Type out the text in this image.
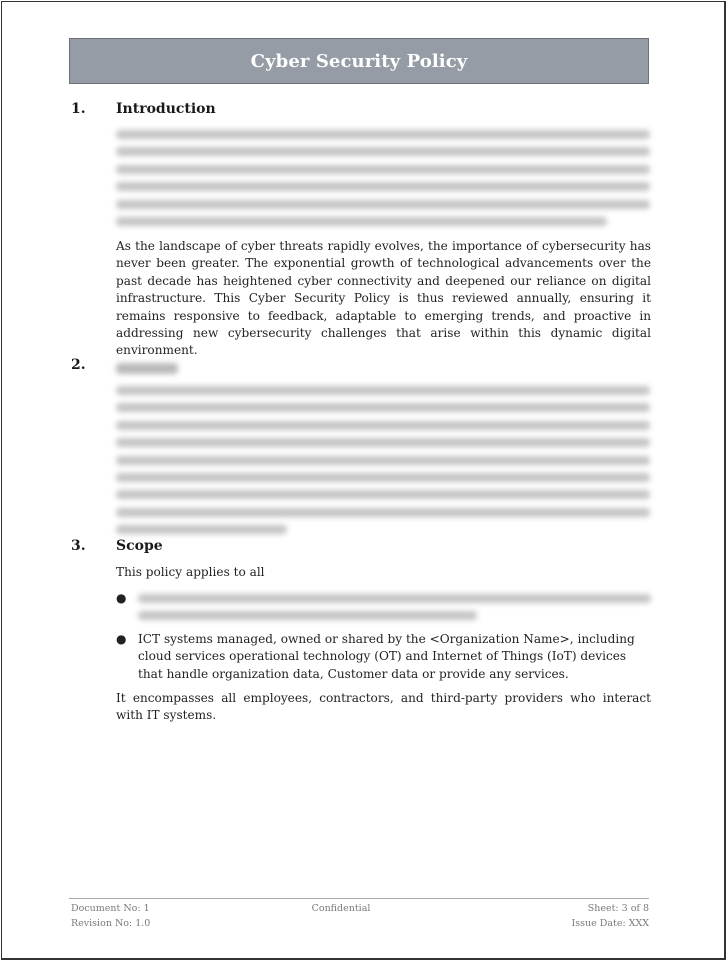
Cyber Security Policy
1.	Introduction
As the landscape of cyber threats rapidly evolves, the importance of cybersecurity has never been greater. The exponential growth of technological advancements over the past decade has heightened cyber connectivity and deepened our reliance on digital infrastructure. This Cyber Security Policy is thus reviewed annually, ensuring it remains responsive to feedback, adaptable to emerging trends, and proactive in addressing new cybersecurity challenges that arise within this dynamic digital environment.
2.
3.	Scope
This policy applies to all
●
● ICT systems managed, owned or shared by the <Organization Name>, including cloud services operational technology (OT) and Internet of Things (IoT) devices that handle organization data, Customer data or provide any services.
It encompasses all employees, contractors, and third-party providers who interact with IT systems.
Document No: 1	Confidential	Sheet: 3 of 8
Revision No: 1.0	Issue Date: XXX
